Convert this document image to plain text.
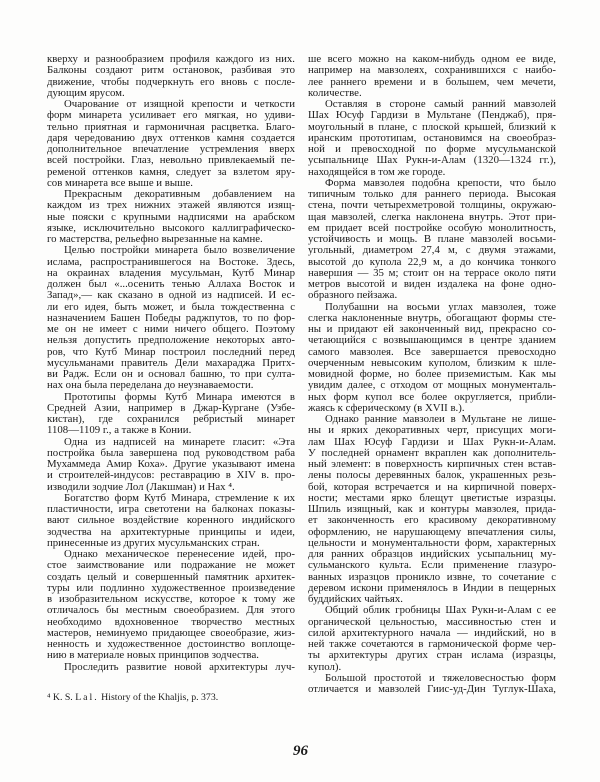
кверху и разнообразием профиля каждого из них.
Балконы создают ритм остановок, разбивая это
движение, чтобы подчеркнуть его вновь с после-
дующим ярусом.
Очарование от изящной крепости и четкости
форм минарета усиливает его мягкая, но удиви-
тельно приятная и гармоничная расцветка. Благо-
даря чередованию двух оттенков камня создается
дополнительное впечатление устремления вверх
всей постройки. Глаз, невольно привлекаемый пе-
ременой оттенков камня, следует за взлетом яру-
сов минарета все выше и выше.
Прекрасным декоративным добавлением на
каждом из трех нижних этажей являются изящ-
ные пояски с крупными надписями на арабском
языке, исключительно высокого каллиграфическо-
го мастерства, рельефно вырезанные на камне.
Целью постройки минарета было возвеличение
ислама, распространившегося на Востоке. Здесь,
на окраинах владения мусульман, Кутб Минар
должен был «...осенить тенью Аллаха Восток и
Запад»,— как сказано в одной из надписей. И ес-
ли его идея, быть может, и была тождественна с
назначением Башен Победы раджпутов, то по фор-
ме он не имеет с ними ничего общего. Поэтому
нельзя допустить предположение некоторых авто-
ров, что Кутб Минар построил последний перед
мусульманами правитель Дели махараджа Притх-
ви Радж. Если он и основал башню, то при султа-
нах она была переделана до неузнаваемости.
Прототипы формы Кутб Минара имеются в
Средней Азии, например в Джар-Кургане (Узбе-
кистан), где сохранился ребристый минарет
1108—1109 г., а также в Конии.
Одна из надписей на минарете гласит: «Эта
постройка была завершена под руководством раба
Мухаммеда Амир Коха». Другие указывают имена
и строителей-индусов: реставрацию в XIV в. про-
изводили зодчие Лол (Лакшман) и Нах ⁴.
Богатство форм Кутб Минара, стремление к их
пластичности, игра светотени на балконах показы-
вают сильное воздействие коренного индийского
зодчества на архитектурные принципы и идеи,
принесенные из других мусульманских стран.
Однако механическое перенесение идей, про-
стое заимствование или подражание не может
создать целый и совершенный памятник архитек-
туры или подлинно художественное произведение
в изобразительном искусстве, которое к тому же
отличалось бы местным своеобразием. Для этого
необходимо вдохновенное творчество местных
мастеров, неминуемо придающее своеобразие, жиз-
ненность и художественное достоинство воплоще-
нию в материале новых принципов зодчества.
Проследить развитие новой архитектуры луч-
ше всего можно на каком-нибудь одном ее виде,
например на мавзолеях, сохранившихся с наибо-
лее раннего времени и в большем, чем мечети,
количестве.
Оставляя в стороне самый ранний мавзолей
Шах Юсуф Гардизи в Мультане (Пенджаб), пря-
моугольный в плане, с плоской крышей, близкий к
иранским прототипам, остановимся на своеобраз-
ной и превосходной по форме мусульманской
усыпальнице Шах Рукн-и-Алам (1320—1324 гг.),
находящейся в том же городе.
Форма мавзолея подобна крепости, что было
типичным только для раннего периода. Высокая
стена, почти четырехметровой толщины, окружаю-
щая мавзолей, слегка наклонена внутрь. Этот при-
ем придает всей постройке особую монолитность,
устойчивость и мощь. В плане мавзолей восьми-
угольный, диаметром 27,4 м, с двумя этажами,
высотой до купола 22,9 м, а до кончика тонкого
навершия — 35 м; стоит он на террасе около пяти
метров высотой и виден издалека на фоне одно-
образного пейзажа.
Полубашни на восьми углах мавзолея, тоже
слегка наклоненные внутрь, обогащают формы сте-
ны и придают ей законченный вид, прекрасно со-
четающийся с возвышающимся в центре зданием
самого мавзолея. Все завершается превосходно
очерченным невысоким куполом, близким к шле-
мовидной форме, но более приземистым. Как мы
увидим далее, с отходом от мощных монументаль-
ных форм купол все более округляется, прибли-
жаясь к сферическому (в XVII в.).
Однако ранние мавзолеи в Мультане не лише-
ны и ярких декоративных черт, присущих моги-
лам Шах Юсуф Гардизи и Шах Рукн-и-Алам.
У последней орнамент вкраплен как дополнитель-
ный элемент: в поверхность кирпичных стен встав-
лены полосы деревянных балок, украшенных резь-
бой, которая встречается и на кирпичной поверх-
ности; местами ярко блещут цветистые изразцы.
Шпиль изящный, как и контуры мавзолея, прида-
ет законченность его красивому декоративному
оформлению, не нарушающему впечатления силы,
цельности и монументальности форм, характерных
для ранних образцов индийских усыпальниц му-
сульманского культа. Если применение глазуро-
ванных изразцов проникло извне, то сочетание с
деревом искони применялось в Индии в пещерных
буддийских чайтьях.
Общий облик гробницы Шах Рукн-и-Алам с ее
органической цельностью, массивностью стен и
силой архитектурного начала — индийский, но в
ней также сочетаются в гармонической форме чер-
ты архитектуры других стран ислама (изразцы,
купол).
Большой простотой и тяжеловесностью форм
отличается и мавзолей Гиис-уд-Дин Туглук-Шаха,
⁴ K. S. Lal. History of the Khaljis, p. 373.
96
